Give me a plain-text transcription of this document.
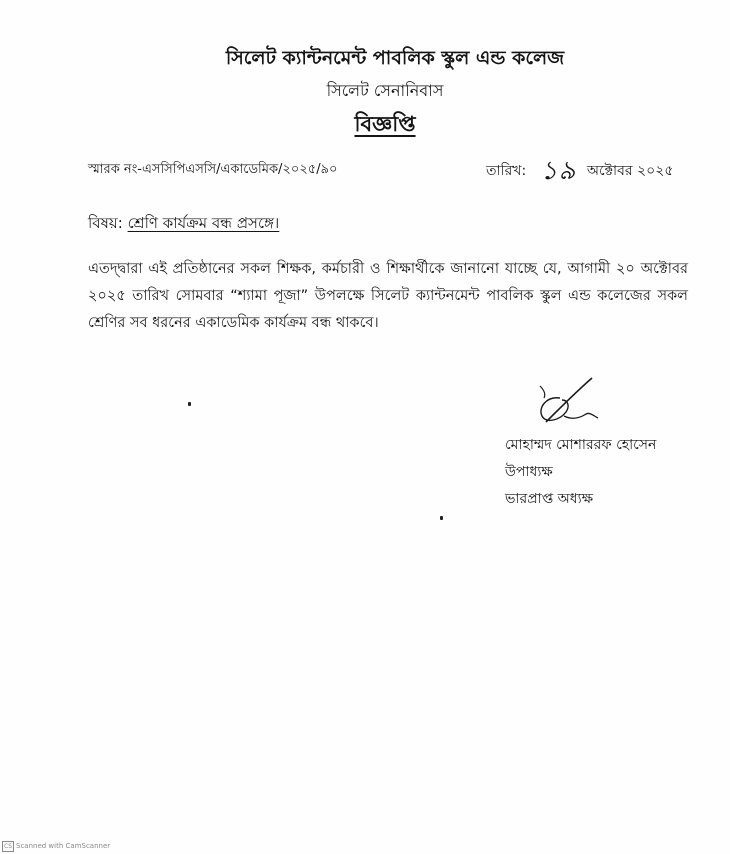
সিলেট ক্যান্টনমেন্ট পাবলিক স্কুল এন্ড কলেজ
সিলেট সেনানিবাস
বিজ্ঞপ্তি
স্মারক নং-এসসিপিএসসি/একাডেমিক/২০২৫/৯০	তারিখ: ১৯ অক্টোবর ২০২৫
বিষয়: শ্রেণি কার্যক্রম বন্ধ প্রসঙ্গে।
এতদ্দ্বারা এই প্রতিষ্ঠানের সকল শিক্ষক, কর্মচারী ও শিক্ষার্থীকে জানানো যাচ্ছে যে, আগামী ২০ অক্টোবর ২০২৫ তারিখ সোমবার “শ্যামা পূজা” উপলক্ষে সিলেট ক্যান্টনমেন্ট পাবলিক স্কুল এন্ড কলেজের সকল শ্রেণির সব ধরনের একাডেমিক কার্যক্রম বন্ধ থাকবে।
মোহাম্মদ মোশাররফ হোসেন
উপাধ্যক্ষ
ভারপ্রাপ্ত অধ্যক্ষ
CS Scanned with CamScanner
